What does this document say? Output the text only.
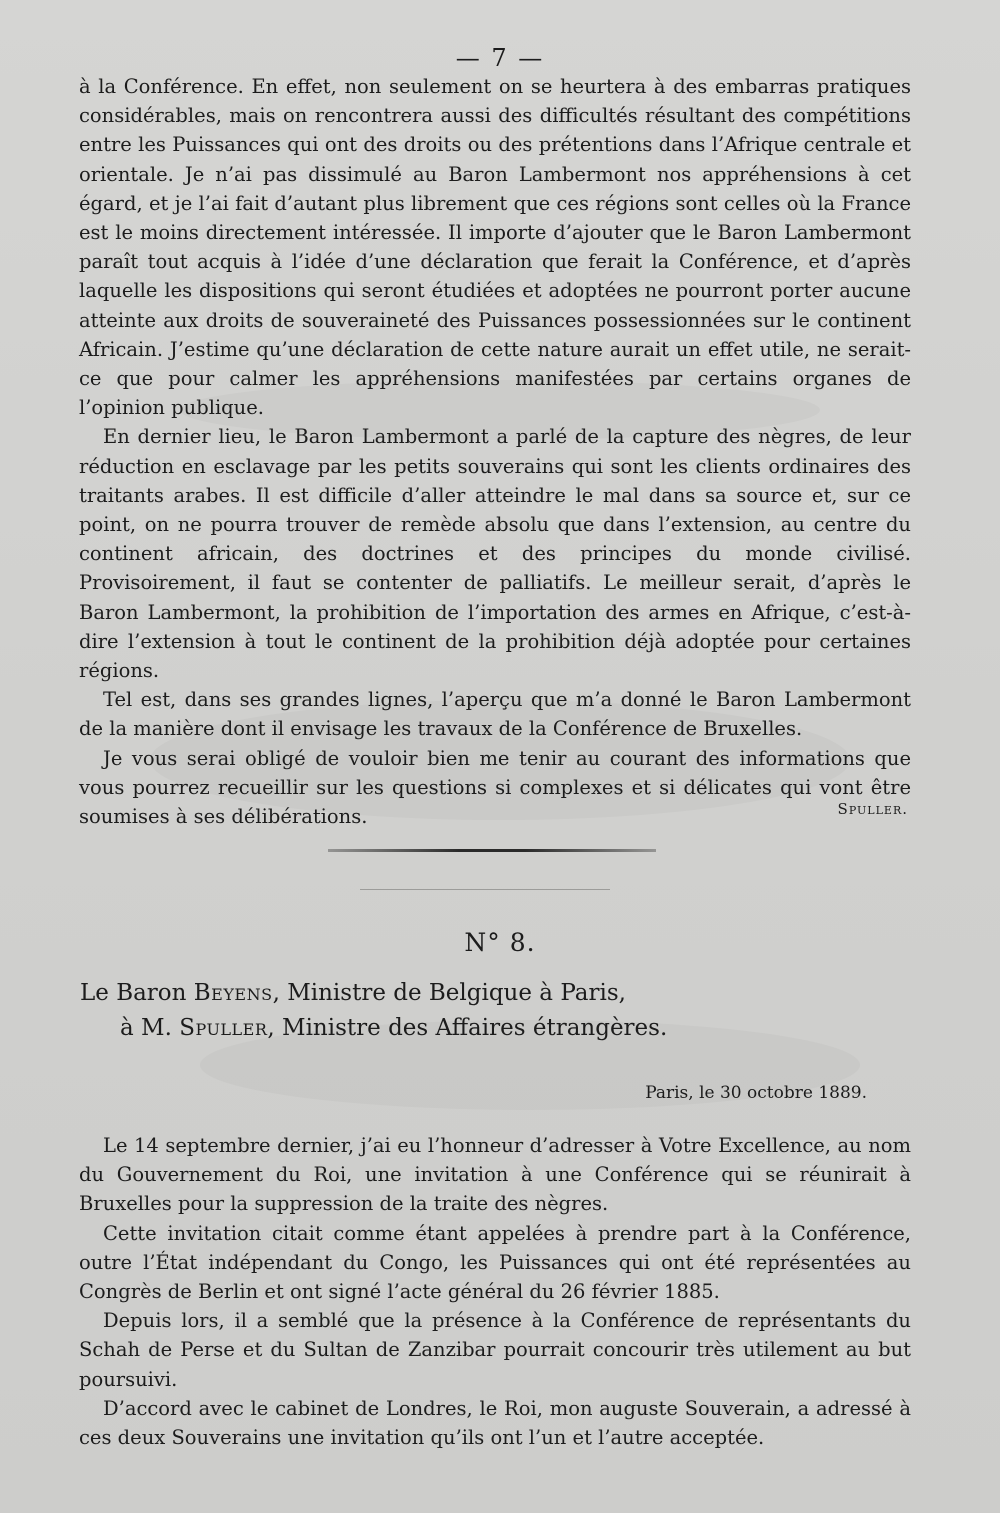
— 7 —

à la Conférence. En effet, non seulement on se heurtera à des embarras pratiques considérables, mais on rencontrera aussi des difficultés résultant des compétitions entre les Puissances qui ont des droits ou des prétentions dans l’Afrique centrale et orientale. Je n’ai pas dissimulé au Baron Lambermont nos appréhensions à cet égard, et je l’ai fait d’autant plus librement que ces régions sont celles où la France est le moins directement intéressée. Il importe d’ajouter que le Baron Lambermont paraît tout acquis à l’idée d’une déclaration que ferait la Conférence, et d’après laquelle les dispositions qui seront étudiées et adoptées ne pourront porter aucune atteinte aux droits de souveraineté des Puissances possessionnées sur le continent Africain. J’estime qu’une déclaration de cette nature aurait un effet utile, ne serait-ce que pour calmer les appréhensions manifestées par certains organes de l’opinion publique.

En dernier lieu, le Baron Lambermont a parlé de la capture des nègres, de leur réduction en esclavage par les petits souverains qui sont les clients ordinaires des traitants arabes. Il est difficile d’aller atteindre le mal dans sa source et, sur ce point, on ne pourra trouver de remède absolu que dans l’extension, au centre du continent africain, des doctrines et des principes du monde civilisé. Provisoirement, il faut se contenter de palliatifs. Le meilleur serait, d’après le Baron Lambermont, la prohibition de l’importation des armes en Afrique, c’est-à-dire l’extension à tout le continent de la prohibition déjà adoptée pour certaines régions.

Tel est, dans ses grandes lignes, l’aperçu que m’a donné le Baron Lambermont de la manière dont il envisage les travaux de la Conférence de Bruxelles.

Je vous serai obligé de vouloir bien me tenir au courant des informations que vous pourrez recueillir sur les questions si complexes et si délicates qui vont être soumises à ses délibérations.	Spuller.
N° 8.
Le Baron Beyens, Ministre de Belgique à Paris,
à M. Spuller, Ministre des Affaires étrangères.
Paris, le 30 octobre 1889.

Le 14 septembre dernier, j’ai eu l’honneur d’adresser à Votre Excellence, au nom du Gouvernement du Roi, une invitation à une Conférence qui se réunirait à Bruxelles pour la suppression de la traite des nègres.

Cette invitation citait comme étant appelées à prendre part à la Conférence, outre l’État indépendant du Congo, les Puissances qui ont été représentées au Congrès de Berlin et ont signé l’acte général du 26 février 1885.

Depuis lors, il a semblé que la présence à la Conférence de représentants du Schah de Perse et du Sultan de Zanzibar pourrait concourir très utilement au but poursuivi.

D’accord avec le cabinet de Londres, le Roi, mon auguste Souverain, a adressé à ces deux Souverains une invitation qu’ils ont l’un et l’autre acceptée.
